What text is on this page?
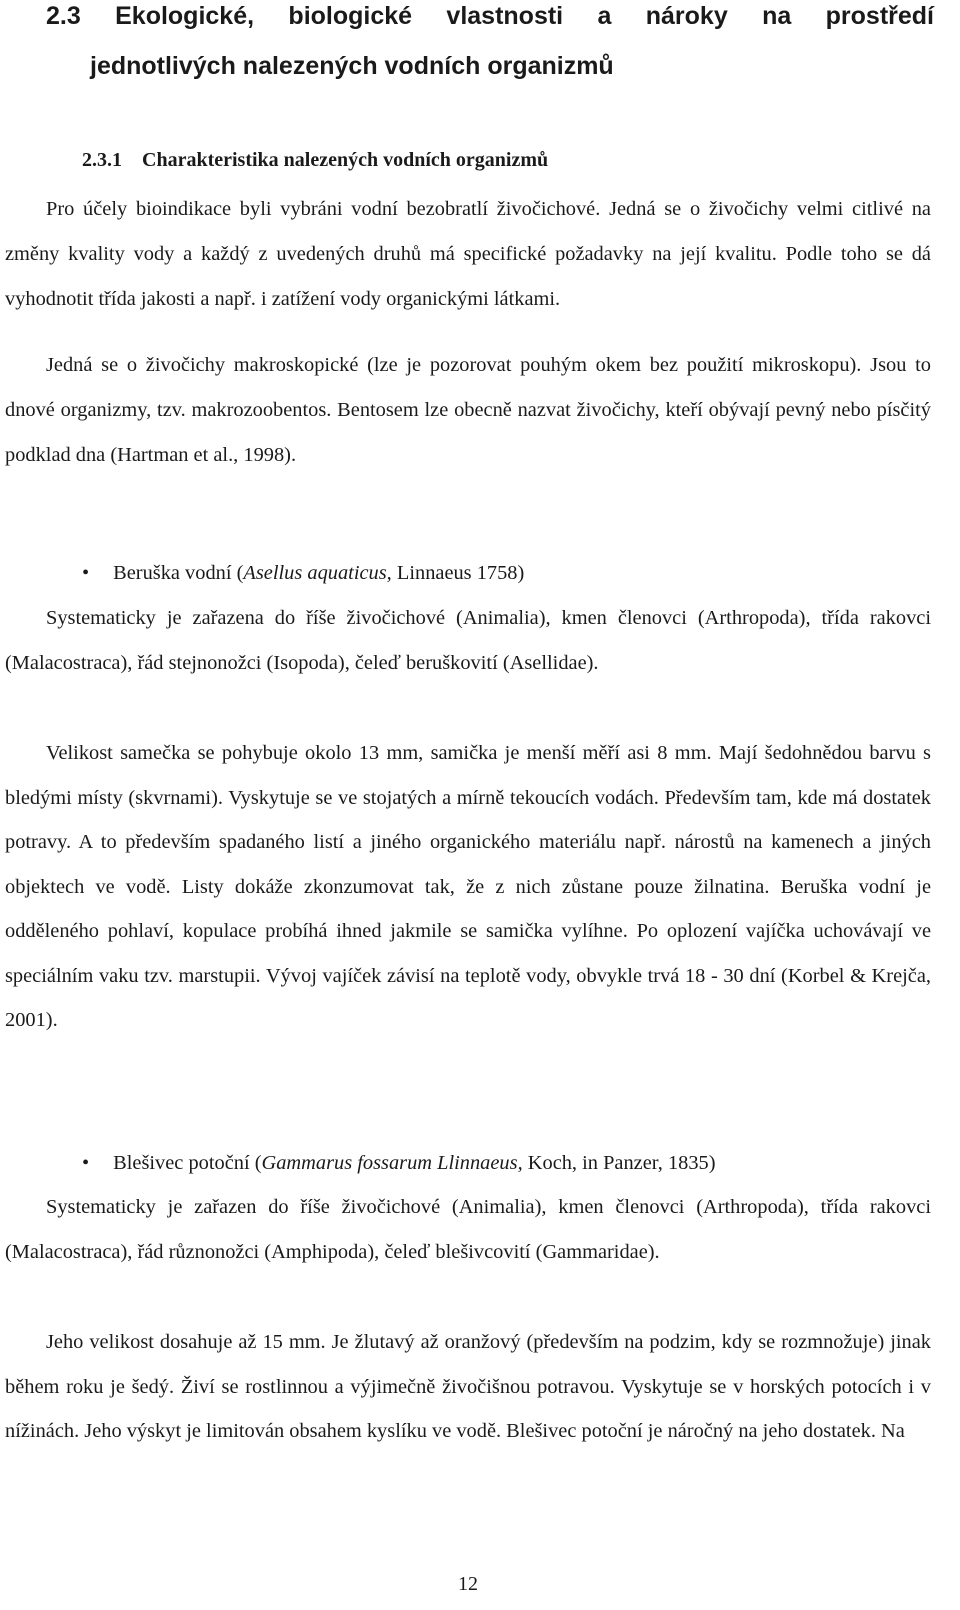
2.3 Ekologické, biologické vlastnosti a nároky na prostředí
jednotlivých nalezených vodních organizmů
2.3.1 Charakteristika nalezených vodních organizmů

Pro účely bioindikace byli vybráni vodní bezobratlí živočichové. Jedná se o živočichy velmi citlivé na změny kvality vody a každý z uvedených druhů má specifické požadavky na její kvalitu. Podle toho se dá vyhodnotit třída jakosti a např. i zatížení vody organickými látkami.

Jedná se o živočichy makroskopické (lze je pozorovat pouhým okem bez použití mikroskopu). Jsou to dnové organizmy, tzv. makrozoobentos. Bentosem lze obecně nazvat živočichy, kteří obývají pevný nebo písčitý podklad dna (Hartman et al., 1998).

• Beruška vodní (Asellus aquaticus, Linnaeus 1758)

Systematicky je zařazena do říše živočichové (Animalia), kmen členovci (Arthropoda), třída rakovci (Malacostraca), řád stejnonožci (Isopoda), čeleď beruškovití (Asellidae).

Velikost samečka se pohybuje okolo 13 mm, samička je menší měří asi 8 mm. Mají šedohnědou barvu s bledými místy (skvrnami). Vyskytuje se ve stojatých a mírně tekoucích vodách. Především tam, kde má dostatek potravy. A to především spadaného listí a jiného organického materiálu např. nárostů na kamenech a jiných objektech ve vodě. Listy dokáže zkonzumovat tak, že z nich zůstane pouze žilnatina. Beruška vodní je odděleného pohlaví, kopulace probíhá ihned jakmile se samička vylíhne. Po oplození vajíčka uchovávají ve speciálním vaku tzv. marstupii. Vývoj vajíček závisí na teplotě vody, obvykle trvá 18 - 30 dní (Korbel & Krejča, 2001).

• Blešivec potoční (Gammarus fossarum Llinnaeus, Koch, in Panzer, 1835)

Systematicky je zařazen do říše živočichové (Animalia), kmen členovci (Arthropoda), třída rakovci (Malacostraca), řád různonožci (Amphipoda), čeleď blešivcovití (Gammaridae).

Jeho velikost dosahuje až 15 mm. Je žlutavý až oranžový (především na podzim, kdy se rozmnožuje) jinak během roku je šedý. Živí se rostlinnou a výjimečně živočišnou potravou. Vyskytuje se v horských potocích i v nížinách. Jeho výskyt je limitován obsahem kyslíku ve vodě. Blešivec potoční je náročný na jeho dostatek. Na

12
